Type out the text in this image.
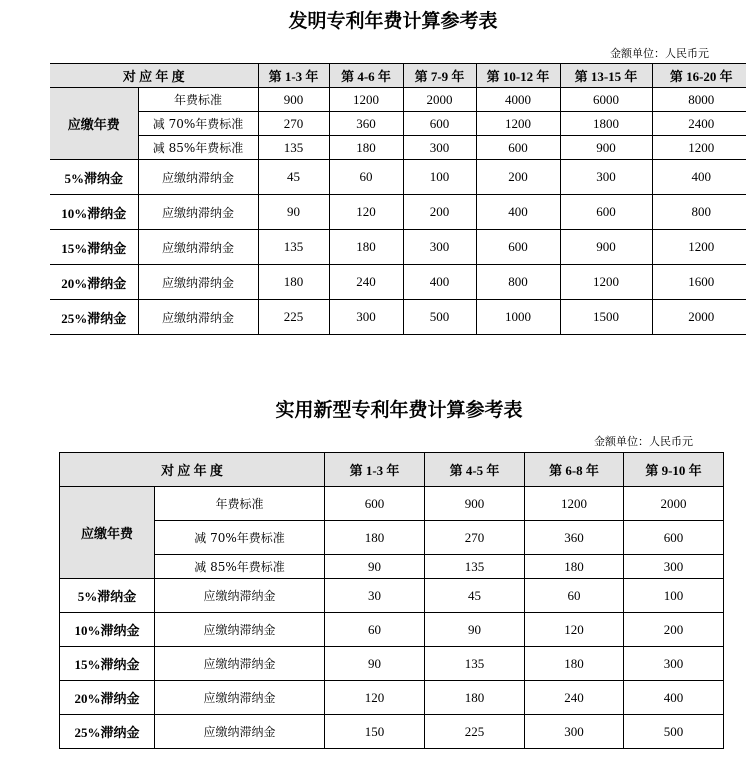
发明专利年费计算参考表
金额单位：人民币元
对 应 年 度		第 1-3 年	第 4-6 年	第 7-9 年	第 10-12 年	第 13-15 年	第 16-20 年
应缴年费	年费标准	900	1200	2000	4000	6000	8000
	减 70%年费标准	270	360	600	1200	1800	2400
	减 85%年费标准	135	180	300	600	900	1200
5%滞纳金	应缴纳滞纳金	45	60	100	200	300	400
10%滞纳金	应缴纳滞纳金	90	120	200	400	600	800
15%滞纳金	应缴纳滞纳金	135	180	300	600	900	1200
20%滞纳金	应缴纳滞纳金	180	240	400	800	1200	1600
25%滞纳金	应缴纳滞纳金	225	300	500	1000	1500	2000
实用新型专利年费计算参考表
金额单位：人民币元
对 应 年 度		第 1-3 年	第 4-5 年	第 6-8 年	第 9-10 年
应缴年费	年费标准	600	900	1200	2000
	减 70%年费标准	180	270	360	600
	减 85%年费标准	90	135	180	300
5%滞纳金	应缴纳滞纳金	30	45	60	100
10%滞纳金	应缴纳滞纳金	60	90	120	200
15%滞纳金	应缴纳滞纳金	90	135	180	300
20%滞纳金	应缴纳滞纳金	120	180	240	400
25%滞纳金	应缴纳滞纳金	150	225	300	500
